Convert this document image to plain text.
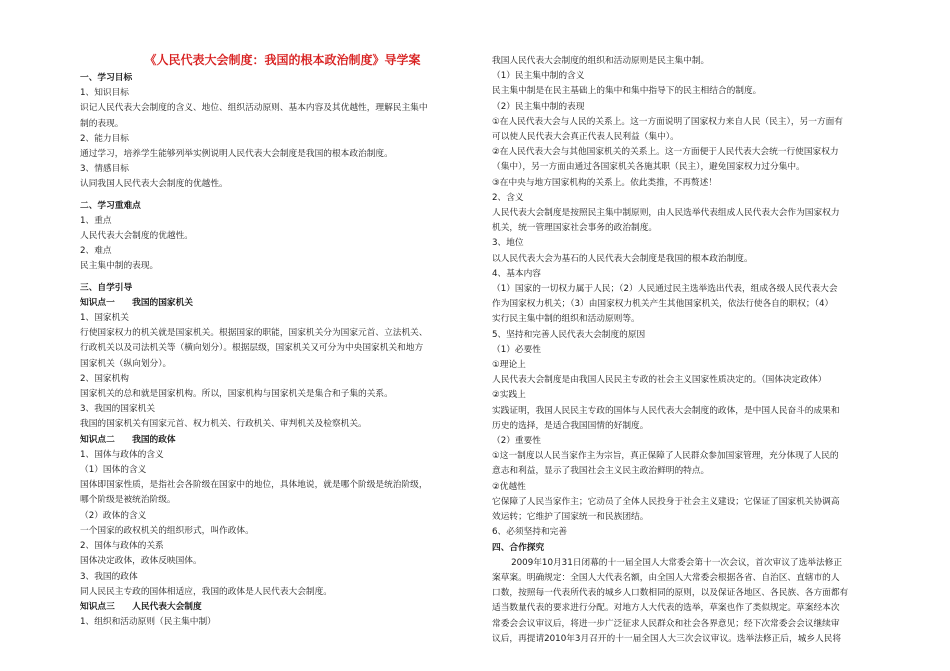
《人民代表大会制度：我国的根本政治制度》导学案
一、学习目标
1、知识目标
识记人民代表大会制度的含义、地位、组织活动原则、基本内容及其优越性，理解民主集中
制的表现。
2、能力目标
通过学习，培养学生能够列举实例说明人民代表大会制度是我国的根本政治制度。
3、情感目标
认同我国人民代表大会制度的优越性。
二、学习重难点
1、重点
人民代表大会制度的优越性。
2、难点
民主集中制的表现。
三、自学引导
知识点一　　我国的国家机关
1、国家机关
行使国家权力的机关就是国家机关。根据国家的职能，国家机关分为国家元首、立法机关、
行政机关以及司法机关等（横向划分）。根据层级，国家机关又可分为中央国家机关和地方
国家机关（纵向划分）。
2、国家机构
国家机关的总和就是国家机构。所以，国家机构与国家机关是集合和子集的关系。
3、我国的国家机关
我国的国家机关有国家元首、权力机关、行政机关、审判机关及检察机关。
知识点二　　我国的政体
1、国体与政体的含义
（1）国体的含义
国体即国家性质，是指社会各阶级在国家中的地位，具体地说，就是哪个阶级是统治阶级，
哪个阶级是被统治阶级。
（2）政体的含义
一个国家的政权机关的组织形式，叫作政体。
2、国体与政体的关系
国体决定政体，政体反映国体。
3、我国的政体
同人民民主专政的国体相适应，我国的政体是人民代表大会制度。
知识点三　　人民代表大会制度
1、组织和活动原则（民主集中制）
我国人民代表大会制度的组织和活动原则是民主集中制。
（1）民主集中制的含义
民主集中制是在民主基础上的集中和集中指导下的民主相结合的制度。
（2）民主集中制的表现
①在人民代表大会与人民的关系上。这一方面说明了国家权力来自人民（民主），另一方面有
可以使人民代表大会真正代表人民利益（集中）。
②在人民代表大会与其他国家机关的关系上。这一方面便于人民代表大会统一行使国家权力
（集中），另一方面由通过各国家机关各施其职（民主），避免国家权力过分集中。
③在中央与地方国家机构的关系上。依此类推，不再赘述！
2、含义
人民代表大会制度是按照民主集中制原则，由人民选举代表组成人民代表大会作为国家权力
机关，统一管理国家社会事务的政治制度。
3、地位
以人民代表大会为基石的人民代表大会制度是我国的根本政治制度。
4、基本内容
（1）国家的一切权力属于人民；（2）人民通过民主选举选出代表，组成各级人民代表大会
作为国家权力机关；（3）由国家权力机关产生其他国家机关，依法行使各自的职权；（4）
实行民主集中制的组织和活动原则等。
5、坚持和完善人民代表大会制度的原因
（1）必要性
①理论上
人民代表大会制度是由我国人民民主专政的社会主义国家性质决定的。（国体决定政体）
②实践上
实践证明，我国人民民主专政的国体与人民代表大会制度的政体，是中国人民奋斗的成果和
历史的选择，是适合我国国情的好制度。
（2）重要性
①这一制度以人民当家作主为宗旨，真正保障了人民群众参加国家管理，充分体现了人民的
意志和利益，显示了我国社会主义民主政治鲜明的特点。
②优越性
它保障了人民当家作主；它动员了全体人民投身于社会主义建设；它保证了国家机关协调高
效运转；它维护了国家统一和民族团结。
6、必须坚持和完善
四、合作探究
2009年10月31日闭幕的十一届全国人大常委会第十一次会议，首次审议了选举法修正
案草案。明确规定：全国人大代表名额，由全国人大常委会根据各省、自治区、直辖市的人
口数，按照每一代表所代表的城乡人口数相同的原则，以及保证各地区、各民族、各方面都有
适当数量代表的要求进行分配。对地方人大代表的选举，草案也作了类似规定。草案经本次
常委会会议审议后，将进一步广泛征求人民群众和社会各界意见；经下次常委会会议继续审
议后，再提请2010年3月召开的十一届全国人大三次会议审议。选举法修正后，城乡人民将
